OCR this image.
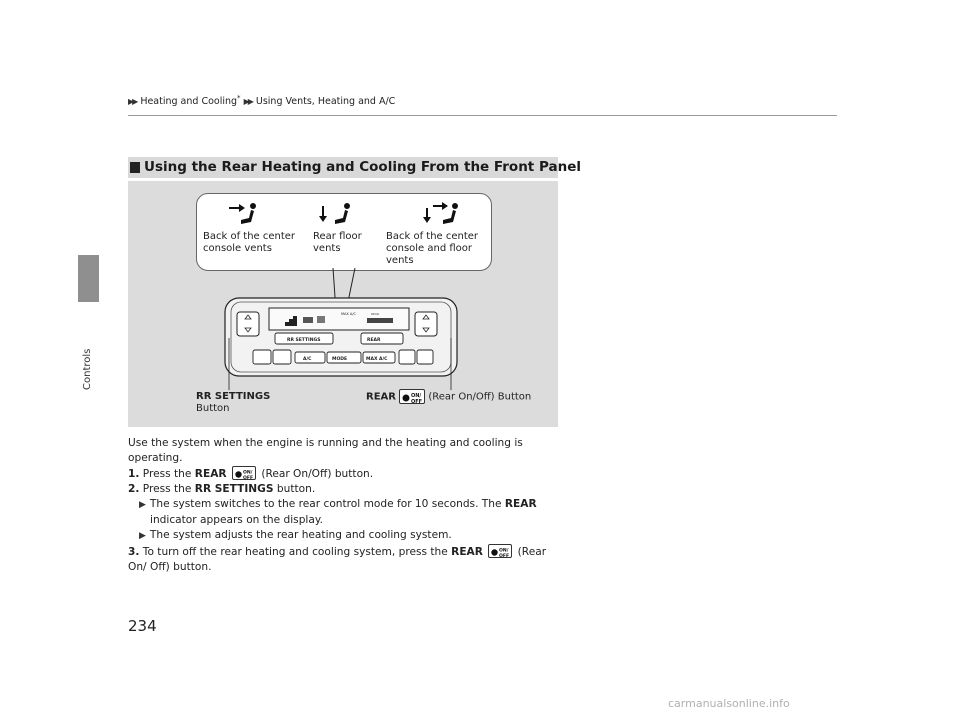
▶▶ Heating and Cooling* ▶▶ Using Vents, Heating and A/C
Controls
Using the Rear Heating and Cooling From the Front Panel
Back of the center console vents
Rear floor vents
Back of the center console and floor vents
MAX A/C	REAR
RR SETTINGS	REAR
A/C	MODE	MAX A/C
RR SETTINGS
Button
REAR	ON/
OFF (Rear On/Off) Button

Use the system when the engine is running and the heating and cooling is operating.

1. Press the REAR	ON/
OFF (Rear On/Off) button.

2. Press the RR SETTINGS button.

▶ The system switches to the rear control mode for 10 seconds. The REAR
indicator appears on the display.

▶ The system adjusts the rear heating and cooling system.

3. To turn off the rear heating and cooling system, press the REAR	ON/
OFF (Rear On/ Off) button.

234
carmanualsonline.info
